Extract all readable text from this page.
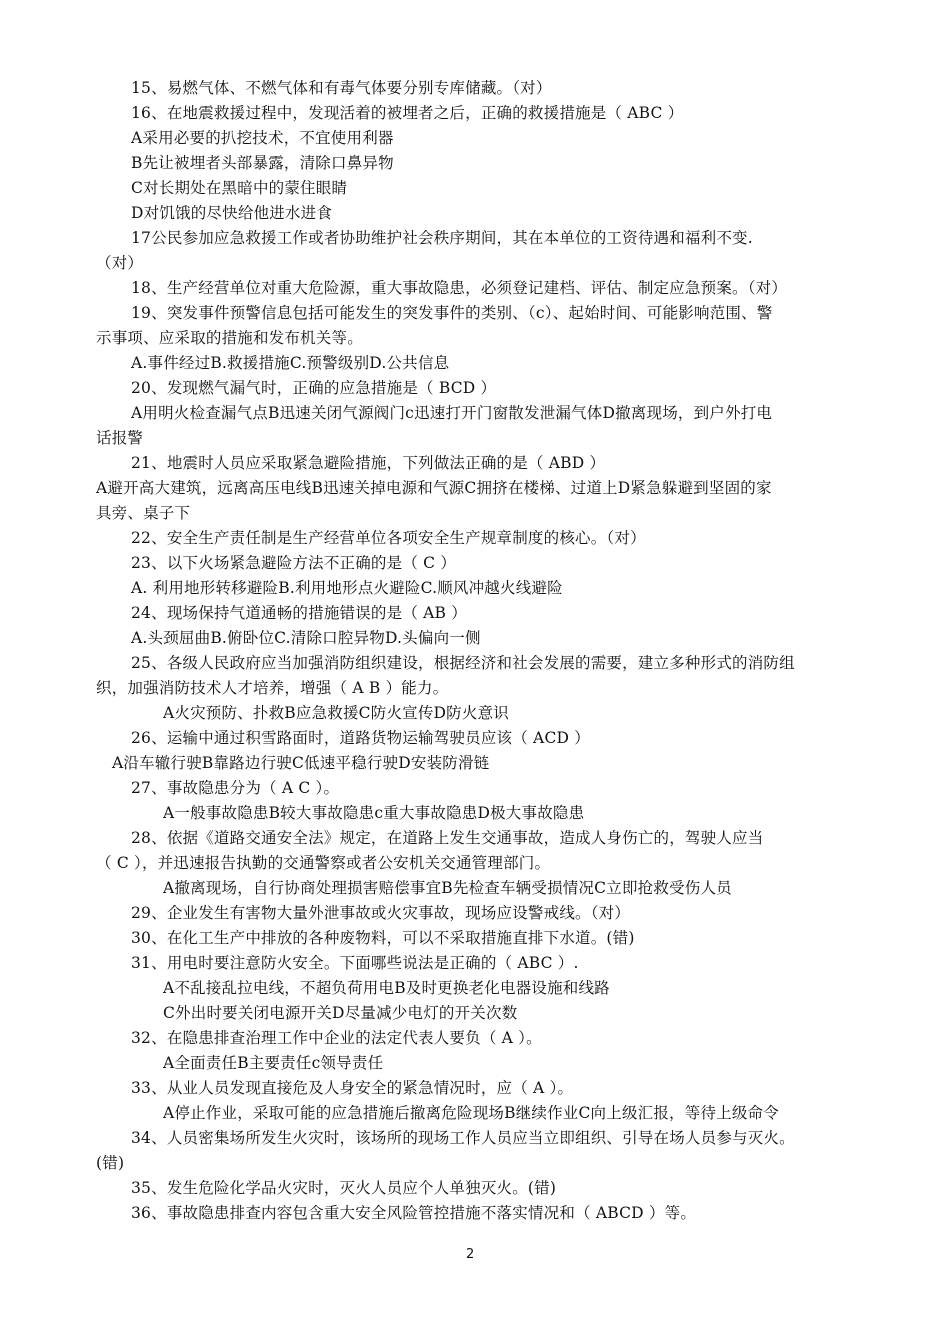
15、易燃气体、不燃气体和有毒气体要分别专库储藏。（对）
16、在地震救援过程中，发现活着的被埋者之后，正确的救援措施是（ ABC ）
A采用必要的扒挖技术，不宜使用利器
B先让被埋者头部暴露，清除口鼻异物
C对长期处在黑暗中的蒙住眼睛
D对饥饿的尽快给他进水进食
17公民参加应急救援工作或者协助维护社会秩序期间，其在本单位的工资待遇和福利不变.
（对）
18、生产经营单位对重大危险源，重大事故隐患，必须登记建档、评估、制定应急预案。（对）
19、突发事件预警信息包括可能发生的突发事件的类别、（c）、起始时间、可能影响范围、警
示事项、应采取的措施和发布机关等。
A.事件经过B.救援措施C.预警级别D.公共信息
20、发现燃气漏气时，正确的应急措施是（ BCD ）
A用明火检查漏气点B迅速关闭气源阀门c迅速打开门窗散发泄漏气体D撤离现场，到户外打电
话报警
21、地震时人员应采取紧急避险措施，下列做法正确的是（ ABD ）
A避开高大建筑，远离高压电线B迅速关掉电源和气源C拥挤在楼梯、过道上D紧急躲避到坚固的家
具旁、桌子下
22、安全生产责任制是生产经营单位各项安全生产规章制度的核心。（对）
23、以下火场紧急避险方法不正确的是（ C ）
A. 利用地形转移避险B.利用地形点火避险C.顺风冲越火线避险
24、现场保持气道通畅的措施错误的是（ AB ）
A.头颈屈曲B.俯卧位C.清除口腔异物D.头偏向一侧
25、各级人民政府应当加强消防组织建设，根据经济和社会发展的需要，建立多种形式的消防组
织，加强消防技术人才培养，增强（ A B ）能力。
A火灾预防、扑救B应急救援C防火宣传D防火意识
26、运输中通过积雪路面时，道路货物运输驾驶员应该（ ACD ）
A沿车辙行驶B靠路边行驶C低速平稳行驶D安装防滑链
27、事故隐患分为（ A C ）。
A一般事故隐患B较大事故隐患c重大事故隐患D极大事故隐患
28、依据《道路交通安全法》规定，在道路上发生交通事故，造成人身伤亡的，驾驶人应当
（ C ），并迅速报告执勤的交通警察或者公安机关交通管理部门。
A撤离现场，自行协商处理损害赔偿事宜B先检查车辆受损情况C立即抢救受伤人员
29、企业发生有害物大量外泄事故或火灾事故，现场应设警戒线。（对）
30、在化工生产中排放的各种废物料，可以不采取措施直排下水道。(错)
31、用电时要注意防火安全。下面哪些说法是正确的（ ABC ）.
A不乱接乱拉电线，不超负荷用电B及时更换老化电器设施和线路
C外出时要关闭电源开关D尽量减少电灯的开关次数
32、在隐患排查治理工作中企业的法定代表人要负（ A ）。
A全面责任B主要责任c领导责任
33、从业人员发现直接危及人身安全的紧急情况时，应（ A ）。
A停止作业，采取可能的应急措施后撤离危险现场B继续作业C向上级汇报，等待上级命令
34、人员密集场所发生火灾时，该场所的现场工作人员应当立即组织、引导在场人员参与灭火。
(错)
35、发生危险化学品火灾时，灭火人员应个人单独灭火。(错)
36、事故隐患排查内容包含重大安全风险管控措施不落实情况和（ ABCD ）等。
2
